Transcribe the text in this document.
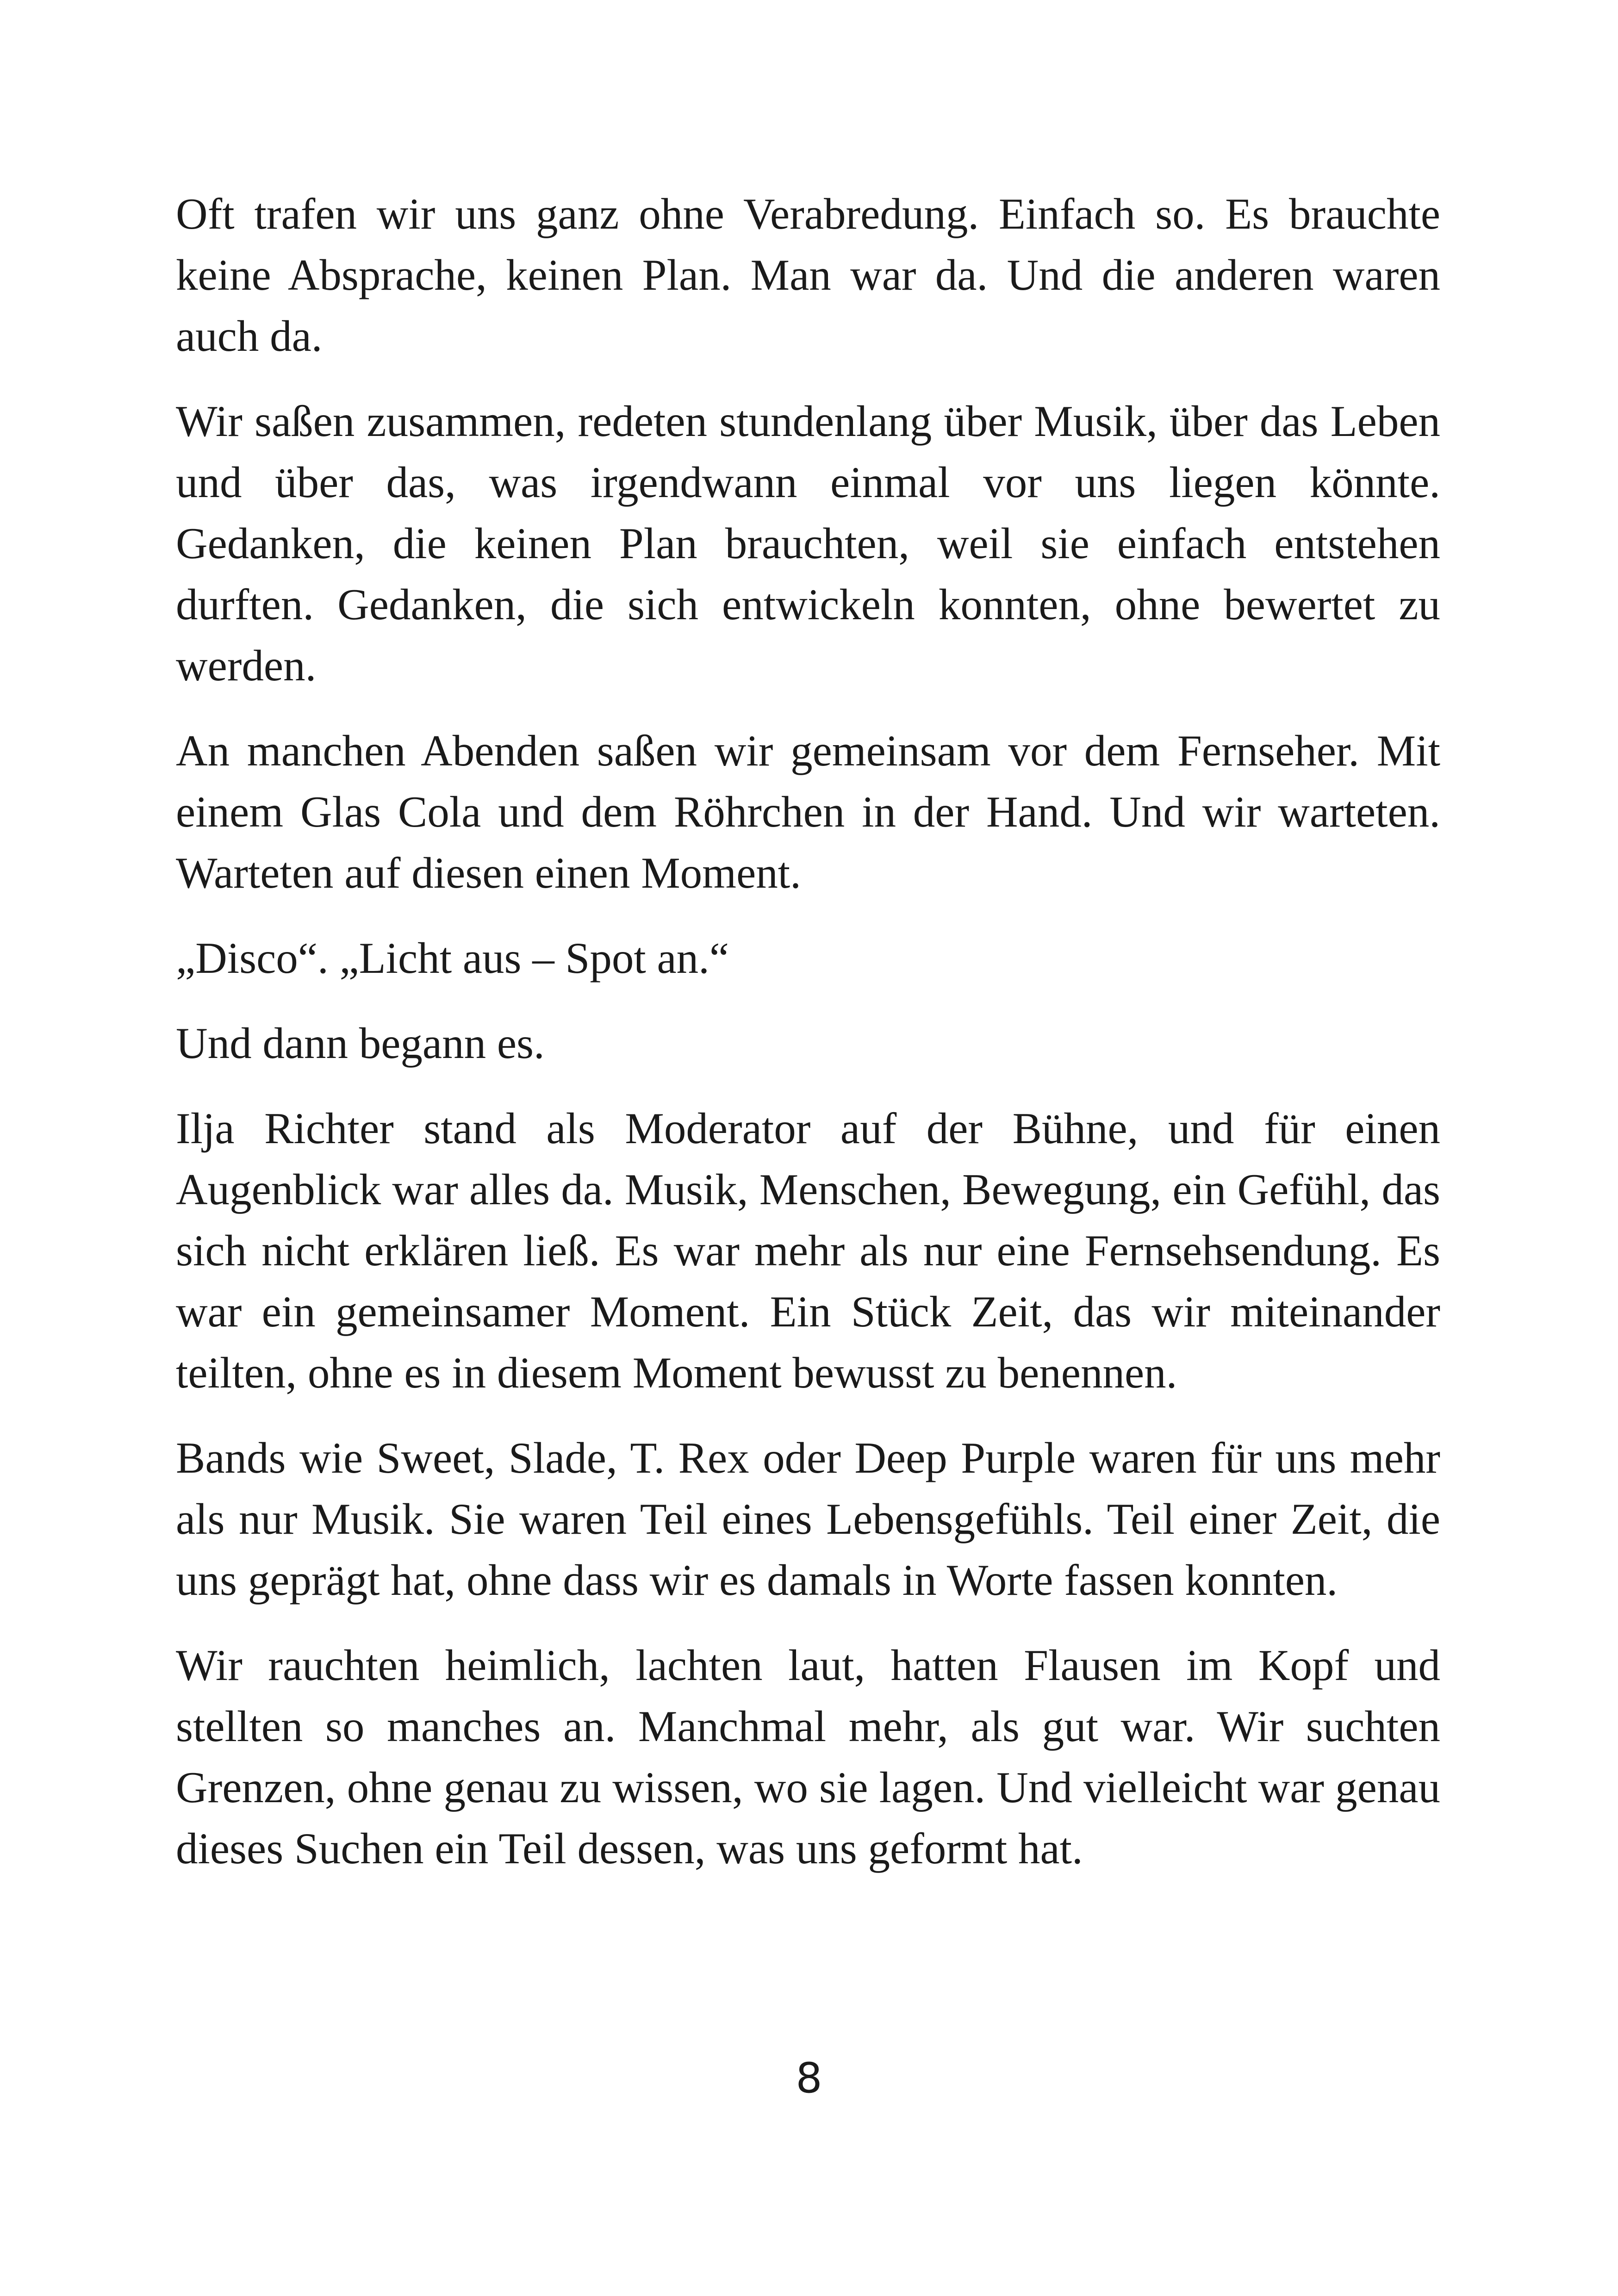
Oft trafen wir uns ganz ohne Verabredung. Einfach so. Es brauchte keine Absprache, keinen Plan. Man war da. Und die anderen waren auch da.

Wir saßen zusammen, redeten stundenlang über Musik, über das Leben und über das, was irgendwann einmal vor uns liegen könnte. Gedanken, die keinen Plan brauchten, weil sie einfach entstehen durften. Gedanken, die sich entwickeln konnten, ohne bewertet zu werden.

An manchen Abenden saßen wir gemeinsam vor dem Fernseher. Mit einem Glas Cola und dem Röhrchen in der Hand. Und wir warteten. Warteten auf diesen einen Moment.

„Disco“. „Licht aus – Spot an.“

Und dann begann es.

Ilja Richter stand als Moderator auf der Bühne, und für einen Augenblick war alles da. Musik, Menschen, Bewegung, ein Gefühl, das sich nicht erklären ließ. Es war mehr als nur eine Fernsehsendung. Es war ein gemeinsamer Moment. Ein Stück Zeit, das wir miteinander teilten, ohne es in diesem Moment bewusst zu benennen.

Bands wie Sweet, Slade, T. Rex oder Deep Purple waren für uns mehr als nur Musik. Sie waren Teil eines Lebensgefühls. Teil einer Zeit, die uns geprägt hat, ohne dass wir es damals in Worte fassen konnten.

Wir rauchten heimlich, lachten laut, hatten Flausen im Kopf und stellten so manches an. Manchmal mehr, als gut war. Wir suchten Grenzen, ohne genau zu wissen, wo sie lagen. Und vielleicht war genau dieses Suchen ein Teil dessen, was uns geformt hat.

8
